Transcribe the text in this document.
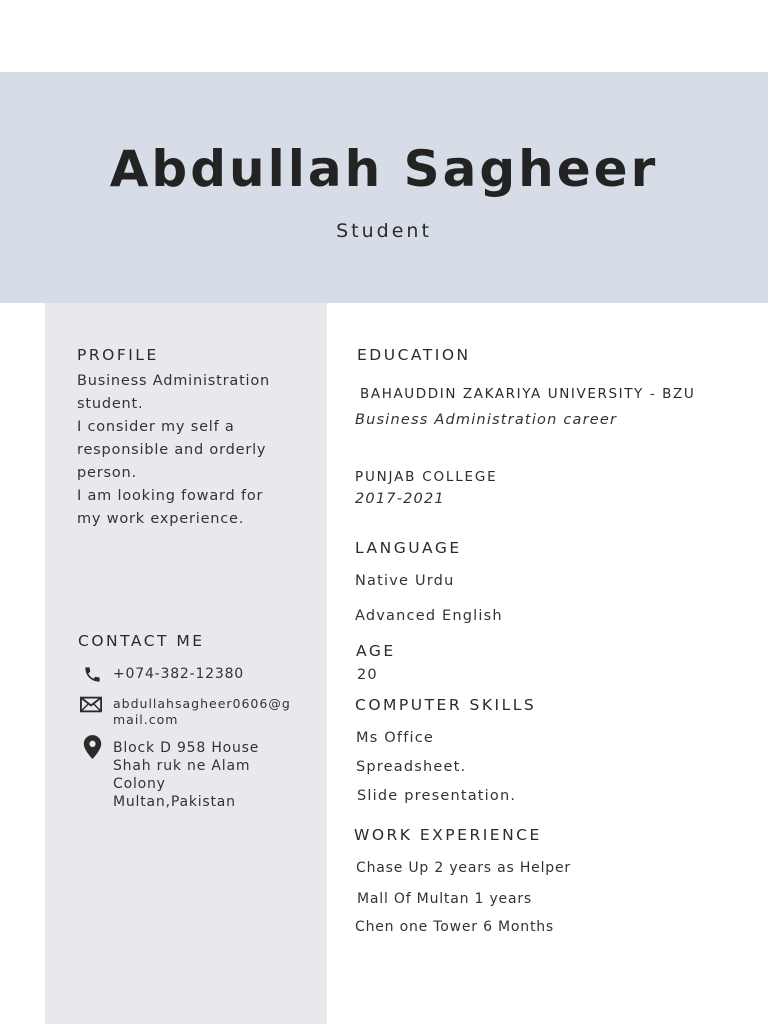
Abdullah Sagheer
Student
PROFILE
Business Administration
student.
I consider my self a
responsible and orderly
person.
I am looking foward for
my work experience.
CONTACT ME
+074-382-12380
abdullahsagheer0606@gmail.com
Block D 958 House
Shah ruk ne Alam
Colony
Multan,Pakistan
EDUCATION
BAHAUDDIN ZAKARIYA UNIVERSITY - BZU
Business Administration career
PUNJAB COLLEGE
2017-2021
LANGUAGE
Native Urdu
Advanced English
AGE
20
COMPUTER SKILLS
Ms Office
Spreadsheet.
Slide presentation.
WORK EXPERIENCE
Chase Up 2 years as Helper
Mall Of Multan 1 years
Chen one Tower 6 Months
